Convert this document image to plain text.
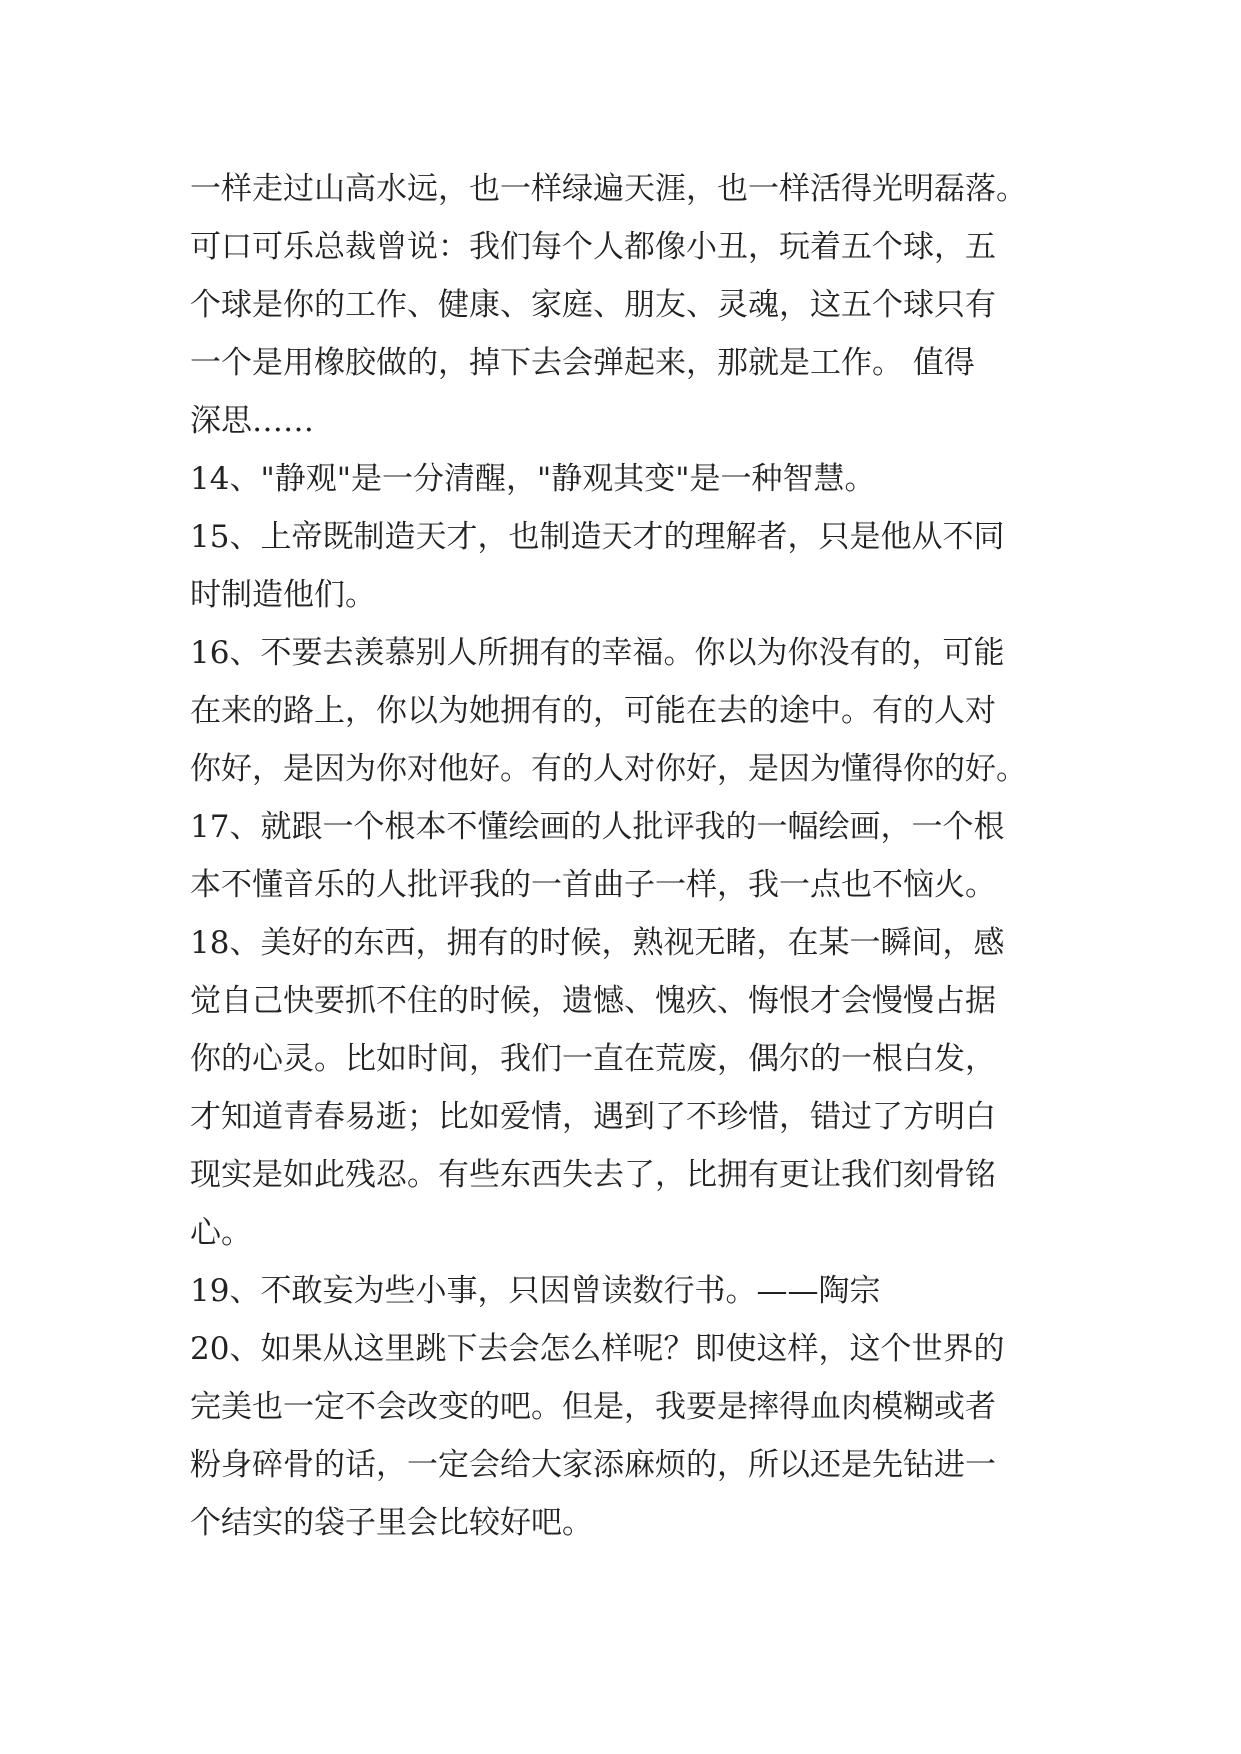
一样走过山高水远，也一样绿遍天涯，也一样活得光明磊落。
可口可乐总裁曾说：我们每个人都像小丑，玩着五个球，五
个球是你的工作、健康、家庭、朋友、灵魂，这五个球只有
一个是用橡胶做的，掉下去会弹起来，那就是工作。 值得
深思……
14、"静观"是一分清醒，"静观其变"是一种智慧。
15、上帝既制造天才，也制造天才的理解者，只是他从不同
时制造他们。
16、不要去羡慕别人所拥有的幸福。你以为你没有的，可能
在来的路上，你以为她拥有的，可能在去的途中。有的人对
你好，是因为你对他好。有的人对你好，是因为懂得你的好。
17、就跟一个根本不懂绘画的人批评我的一幅绘画，一个根
本不懂音乐的人批评我的一首曲子一样，我一点也不恼火。
18、美好的东西，拥有的时候，熟视无睹，在某一瞬间，感
觉自己快要抓不住的时候，遗憾、愧疚、悔恨才会慢慢占据
你的心灵。比如时间，我们一直在荒废，偶尔的一根白发，
才知道青春易逝；比如爱情，遇到了不珍惜，错过了方明白
现实是如此残忍。有些东西失去了，比拥有更让我们刻骨铭
心。
19、不敢妄为些小事，只因曾读数行书。——陶宗
20、如果从这里跳下去会怎么样呢？即使这样，这个世界的
完美也一定不会改变的吧。但是，我要是摔得血肉模糊或者
粉身碎骨的话，一定会给大家添麻烦的，所以还是先钻进一
个结实的袋子里会比较好吧。
